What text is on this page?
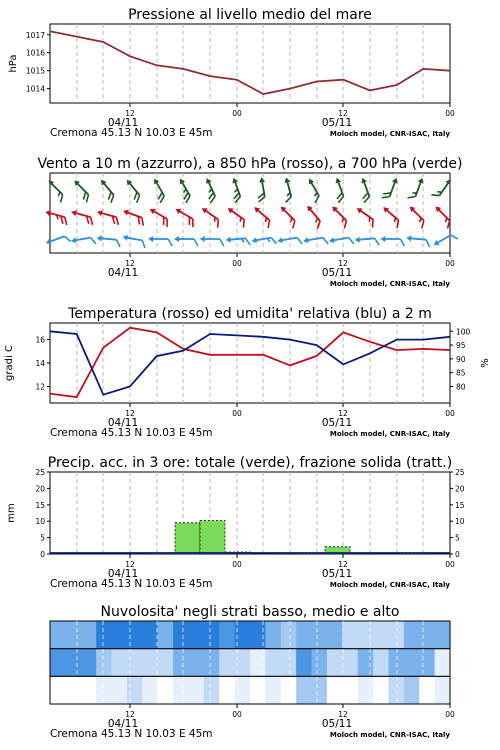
Pressione al livello medio del mare
12	00	12	00
04/11	05/11
Cremona 45.13 N 10.03 E 45m	Moloch model, CNR-ISAC, Italy
1014
1015
1016
1017
hPa
Vento a 10 m (azzurro), a 850 hPa (rosso), a 700 hPa (verde)
12	00	12	00
04/11	05/11
Moloch model, CNR-ISAC, Italy
Temperatura (rosso) ed umidita' relativa (blu) a 2 m
12	00	12	00
04/11	05/11
Cremona 45.13 N 10.03 E 45m	Moloch model, CNR-ISAC, Italy
12
14
16
80
85
90
95
100
gradi C	%
Precip. acc. in 3 ore: totale (verde), frazione solida (tratt.)
12	00	12	00
04/11	05/11
Cremona 45.13 N 10.03 E 45m	Moloch model, CNR-ISAC, Italy
0	0
5	5
10	10
15	15
20	20
25	25
mm
Nuvolosita' negli strati basso, medio e alto
12	00	12	00
04/11	05/11
Cremona 45.13 N 10.03 E 45m	Moloch model, CNR-ISAC, Italy
